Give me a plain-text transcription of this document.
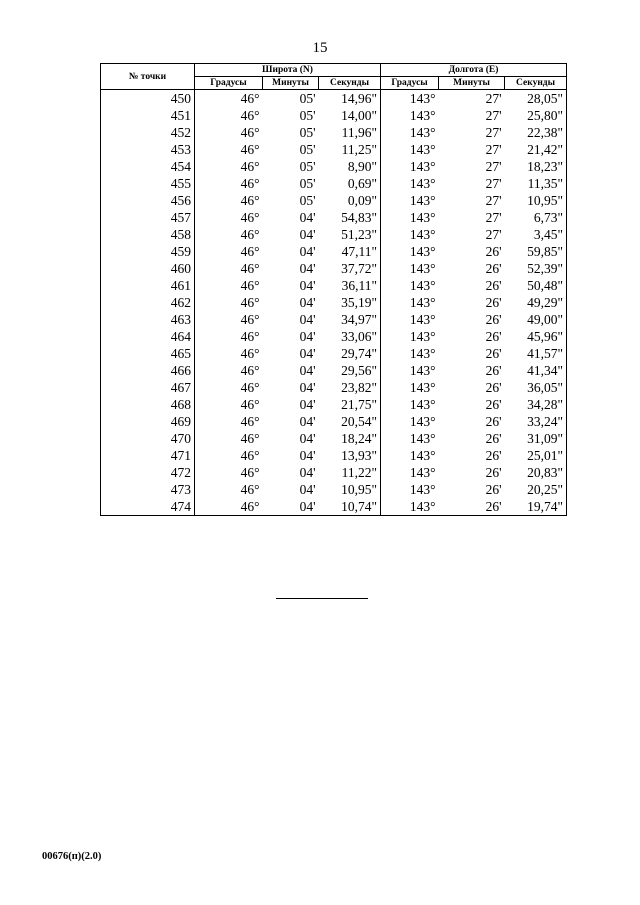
15
№ точки	Широта (N)			Долгота (E)		
	Градусы	Минуты	Секунды	Градусы	Минуты	Секунды
450	46°	05'	14,96"	143°	27'	28,05"
451	46°	05'	14,00"	143°	27'	25,80"
452	46°	05'	11,96"	143°	27'	22,38"
453	46°	05'	11,25"	143°	27'	21,42"
454	46°	05'	8,90"	143°	27'	18,23"
455	46°	05'	0,69"	143°	27'	11,35"
456	46°	05'	0,09"	143°	27'	10,95"
457	46°	04'	54,83"	143°	27'	6,73"
458	46°	04'	51,23"	143°	27'	3,45"
459	46°	04'	47,11"	143°	26'	59,85"
460	46°	04'	37,72"	143°	26'	52,39"
461	46°	04'	36,11"	143°	26'	50,48"
462	46°	04'	35,19"	143°	26'	49,29"
463	46°	04'	34,97"	143°	26'	49,00"
464	46°	04'	33,06"	143°	26'	45,96"
465	46°	04'	29,74"	143°	26'	41,57"
466	46°	04'	29,56"	143°	26'	41,34"
467	46°	04'	23,82"	143°	26'	36,05"
468	46°	04'	21,75"	143°	26'	34,28"
469	46°	04'	20,54"	143°	26'	33,24"
470	46°	04'	18,24"	143°	26'	31,09"
471	46°	04'	13,93"	143°	26'	25,01"
472	46°	04'	11,22"	143°	26'	20,83"
473	46°	04'	10,95"	143°	26'	20,25"
474	46°	04'	10,74"	143°	26'	19,74"
00676(п)(2.0)
